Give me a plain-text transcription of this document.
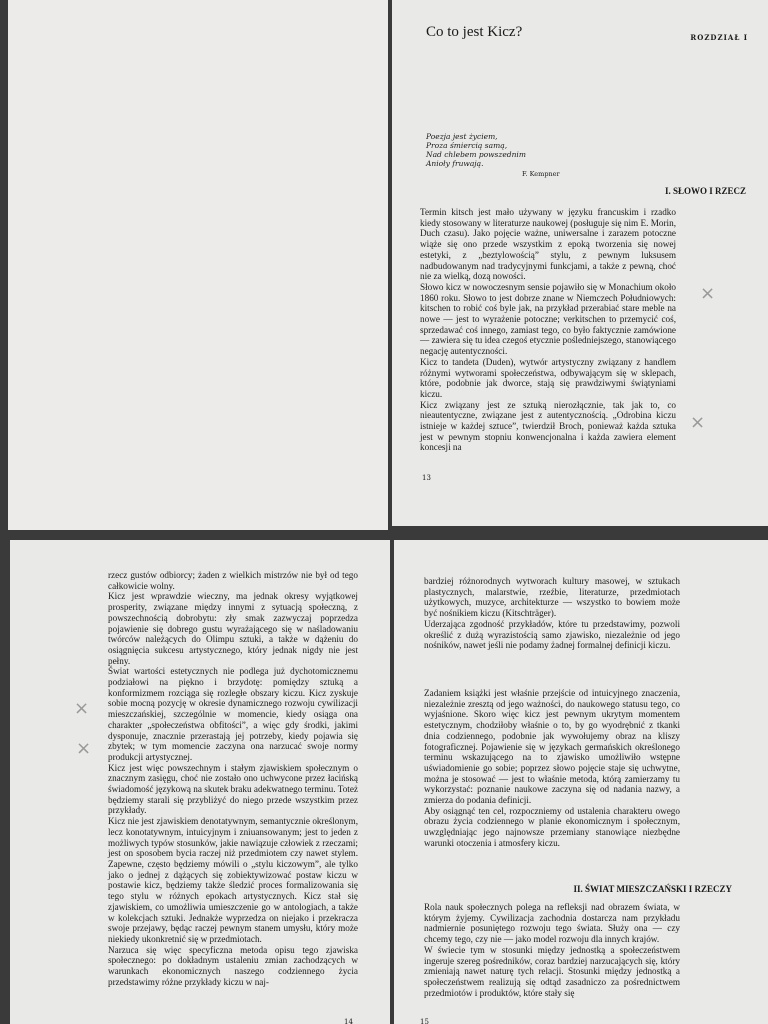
Co to jest Kicz?	ROZDZIAŁ I
Poezja jest życiem,
Proza śmiercią samą,
Nad chlebem powszednim
Anioły fruwają.
F. Kempner
I. SŁOWO I RZECZ

Termin kitsch jest mało używany w języku francuskim i rzadko kiedy stosowany w literaturze naukowej (posługuje się nim E. Morin, Duch czasu). Jako pojęcie ważne, uniwersalne i zarazem potoczne wiąże się ono przede wszystkim z epoką tworzenia się nowej estetyki, z „beztylowością” stylu, z pewnym luksusem nadbudowanym nad tradycyjnymi funkcjami, a także z pewną, choć nie za wielką, dozą nowości.

Słowo kicz w nowoczesnym sensie pojawiło się w Monachium około 1860 roku. Słowo to jest dobrze znane w Niemczech Południowych: kitschen to robić coś byle jak, na przykład przerabiać stare meble na nowe — jest to wyrażenie potoczne; verkitschen to przemycić coś, sprzedawać coś innego, zamiast tego, co było faktycznie zamówione — zawiera się tu idea czegoś etycznie pośledniejszego, stanowiącego negację autentyczności.

Kicz to tandeta (Duden), wytwór artystyczny związany z handlem różnymi wytworami społeczeństwa, odbywającym się w sklepach, które, podobnie jak dworce, stają się prawdziwymi świątyniami kiczu.

Kicz związany jest ze sztuką nierozłącznie, tak jak to, co nieautentyczne, związane jest z autentycznością. „Odrobina kiczu istnieje w każdej sztuce”, twierdził Broch, ponieważ każda sztuka jest w pewnym stopniu konwencjonalna i każda zawiera element koncesji na

13
×
×

rzecz gustów odbiorcy; żaden z wielkich mistrzów nie był od tego całkowicie wolny.

Kicz jest wprawdzie wieczny, ma jednak okresy wyjątkowej prosperity, związane między innymi z sytuacją społeczną, z powszechnością dobrobytu: zły smak zazwyczaj poprzedza pojawienie się dobrego gustu wyrażającego się w naśladowaniu twórców należących do Olimpu sztuki, a także w dążeniu do osiągnięcia sukcesu artystycznego, który jednak nigdy nie jest pełny.

Świat wartości estetycznych nie podlega już dychotomicznemu podziałowi na piękno i brzydotę: pomiędzy sztuką a konformizmem rozciąga się rozległe obszary kiczu. Kicz zyskuje sobie mocną pozycję w okresie dynamicznego rozwoju cywilizacji mieszczańskiej, szczególnie w momencie, kiedy osiąga ona charakter „społeczeństwa obfitości”, a więc gdy środki, jakimi dysponuje, znacznie przerastają jej potrzeby, kiedy pojawia się zbytek; w tym momencie zaczyna ona narzucać swoje normy produkcji artystycznej.

Kicz jest więc powszechnym i stałym zjawiskiem społecznym o znacznym zasięgu, choć nie zostało ono uchwycone przez łacińską świadomość językową na skutek braku adekwatnego terminu. Toteż będziemy starali się przybliżyć do niego przede wszystkim przez przykłady.

Kicz nie jest zjawiskiem denotatywnym, semantycznie określonym, lecz konotatywnym, intuicyjnym i zniuansowanym; jest to jeden z możliwych typów stosunków, jakie nawiązuje człowiek z rzeczami; jest on sposobem bycia raczej niż przedmiotem czy nawet stylem. Zapewne, często będziemy mówili o „stylu kiczowym”, ale tylko jako o jednej z dążących się zobiektywizować postaw kiczu w postawie kicz, będziemy także śledzić proces formalizowania się tego stylu w różnych epokach artystycznych. Kicz stał się zjawiskiem, co umożliwia umieszczenie go w antologiach, a także w kolekcjach sztuki. Jednakże wyprzedza on niejako i przekracza swoje przejawy, będąc raczej pewnym stanem umysłu, który może niekiedy ukonkretnić się w przedmiotach.

Narzuca się więc specyficzna metoda opisu tego zjawiska społecznego: po dokładnym ustaleniu zmian zachodzących w warunkach ekonomicznych naszego codziennego życia przedstawimy różne przykłady kiczu w naj-

14
×
×

bardziej różnorodnych wytworach kultury masowej, w sztukach plastycznych, malarstwie, rzeźbie, literaturze, przedmiotach użytkowych, muzyce, architekturze — wszystko to bowiem może być nośnikiem kiczu (Kitschträger).

Uderzająca zgodność przykładów, które tu przedstawimy, pozwoli określić z dużą wyrazistością samo zjawisko, niezależnie od jego nośników, nawet jeśli nie podamy żadnej formalnej definicji kiczu.

Zadaniem książki jest właśnie przejście od intuicyjnego znaczenia, niezależnie zresztą od jego ważności, do naukowego statusu tego, co wyjaśnione. Skoro więc kicz jest pewnym ukrytym momentem estetycznym, chodziłoby właśnie o to, by go wyodrębnić z tkanki dnia codziennego, podobnie jak wywołujemy obraz na kliszy fotograficznej. Pojawienie się w językach germańskich określonego terminu wskazującego na to zjawisko umożliwiło wstępne uświadomienie go sobie; poprzez słowo pojęcie staje się uchwytne, można je stosować — jest to właśnie metoda, którą zamierzamy tu wykorzystać: poznanie naukowe zaczyna się od nadania nazwy, a zmierza do podania definicji.

Aby osiągnąć ten cel, rozpoczniemy od ustalenia charakteru owego obrazu życia codziennego w planie ekonomicznym i społecznym, uwzględniając jego najnowsze przemiany stanowiące niezbędne warunki otoczenia i atmosfery kiczu.

II. ŚWIAT MIESZCZAŃSKI I RZECZY

Rola nauk społecznych polega na refleksji nad obrazem świata, w którym żyjemy. Cywilizacja zachodnia dostarcza nam przykładu nadmiernie posuniętego rozwoju tego świata. Służy ona — czy chcemy tego, czy nie — jako model rozwoju dla innych krajów.

W świecie tym w stosunki między jednostką a społeczeństwem ingeruje szereg pośredników, coraz bardziej narzucających się, który zmieniają nawet naturę tych relacji. Stosunki między jednostką a społeczeństwem realizują się odtąd zasadniczo za pośrednictwem przedmiotów i produktów, które stały się

15
